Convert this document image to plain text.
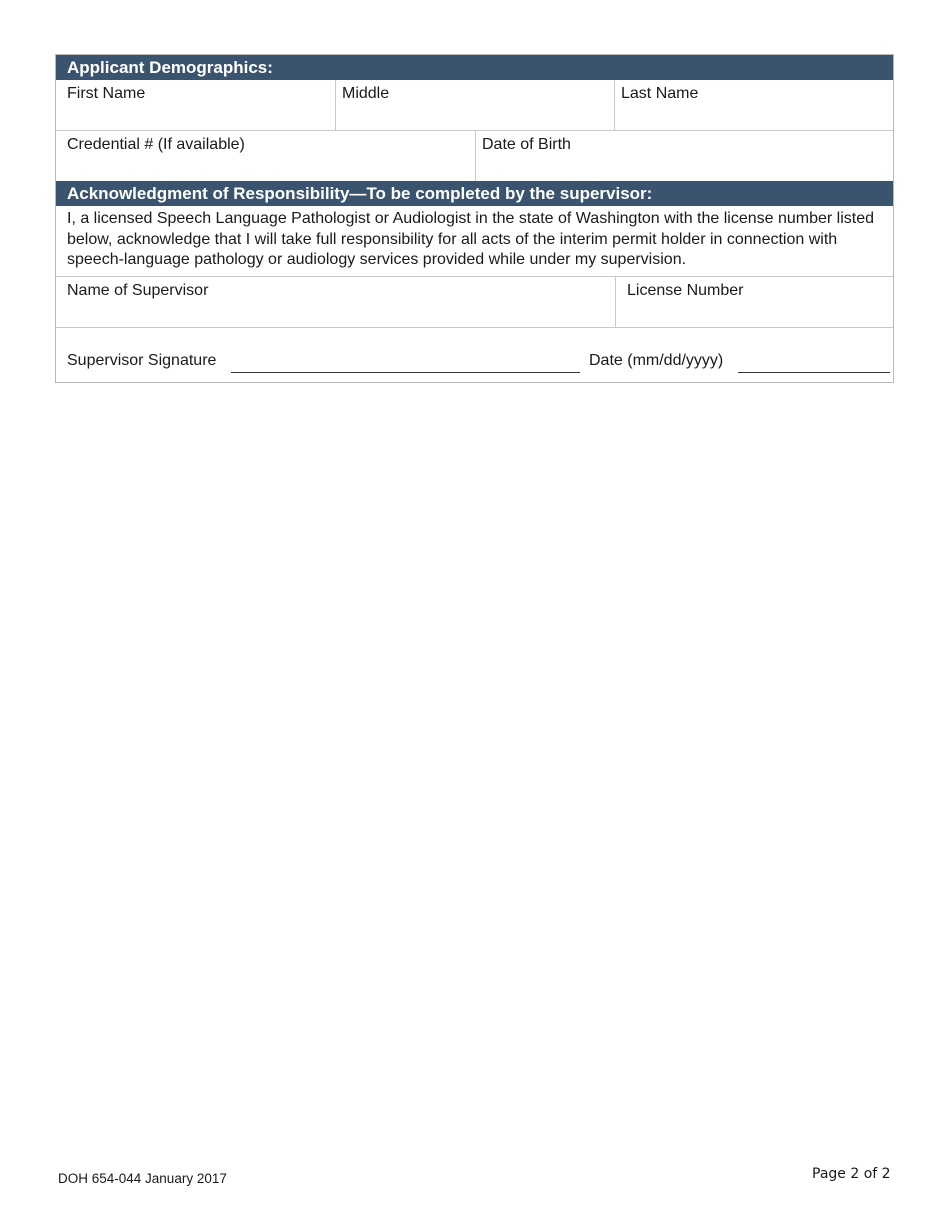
Applicant Demographics:
First Name	Middle	Last Name
Credential # (If available)	Date of Birth
Acknowledgment of Responsibility—To be completed by the supervisor:
I, a licensed Speech Language Pathologist or Audiologist in the state of Washington with the license number listed below, acknowledge that I will take full responsibility for all acts of the interim permit holder in connection with speech-language pathology or audiology services provided while under my supervision.
Name of Supervisor	License Number
Supervisor Signature	Date (mm/dd/yyyy)
DOH 654-044 January 2017	Page 2 of 2
